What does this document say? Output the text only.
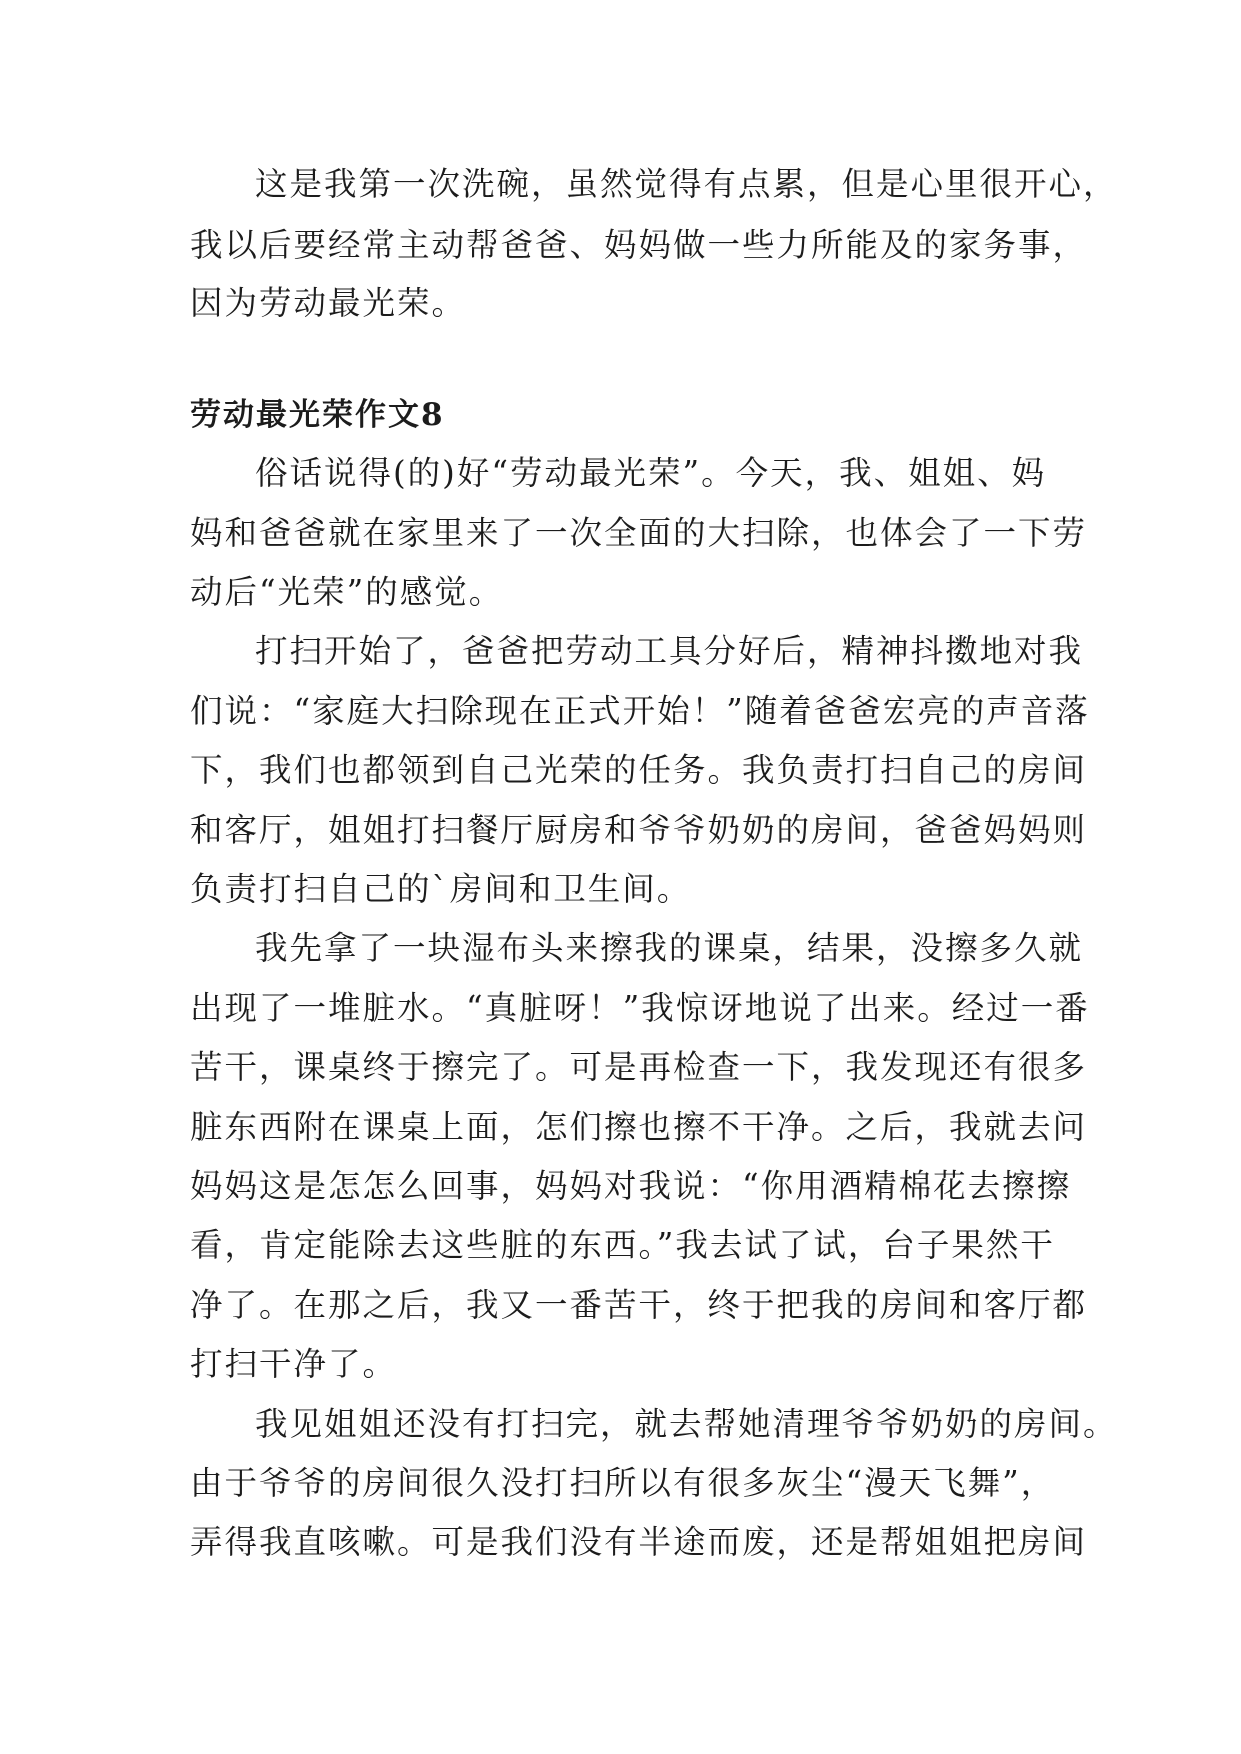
这是我第一次洗碗，虽然觉得有点累，但是心里很开心，

我以后要经常主动帮爸爸、妈妈做一些力所能及的家务事，

因为劳动最光荣。

劳动最光荣作文8

俗话说得(的)好“劳动最光荣”。今天，我、姐姐、妈

妈和爸爸就在家里来了一次全面的大扫除，也体会了一下劳

动后“光荣”的感觉。

打扫开始了，爸爸把劳动工具分好后，精神抖擞地对我

们说：“家庭大扫除现在正式开始！”随着爸爸宏亮的声音落

下，我们也都领到自己光荣的任务。我负责打扫自己的房间

和客厅，姐姐打扫餐厅厨房和爷爷奶奶的房间，爸爸妈妈则

负责打扫自己的`房间和卫生间。

我先拿了一块湿布头来擦我的课桌，结果，没擦多久就

出现了一堆脏水。“真脏呀！”我惊讶地说了出来。经过一番

苦干，课桌终于擦完了。可是再检查一下，我发现还有很多

脏东西附在课桌上面，怎们擦也擦不干净。之后，我就去问

妈妈这是怎怎么回事，妈妈对我说：“你用酒精棉花去擦擦

看，肯定能除去这些脏的东西。”我去试了试，台子果然干

净了。在那之后，我又一番苦干，终于把我的房间和客厅都

打扫干净了。

我见姐姐还没有打扫完，就去帮她清理爷爷奶奶的房间。

由于爷爷的房间很久没打扫所以有很多灰尘“漫天飞舞”，

弄得我直咳嗽。可是我们没有半途而废，还是帮姐姐把房间
